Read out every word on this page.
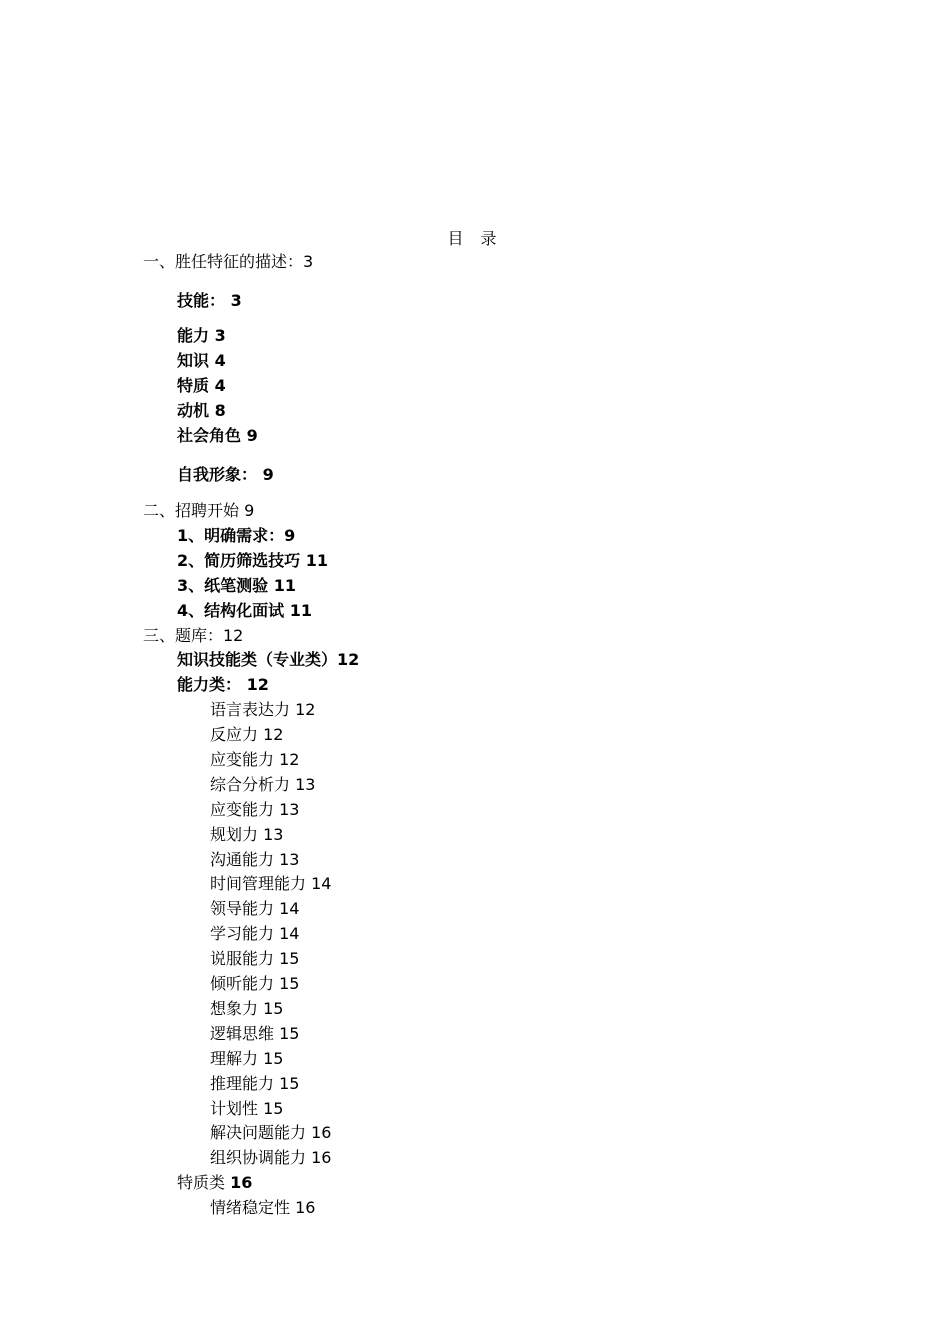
目 录
一、胜任特征的描述：3
技能： 3
能力 3
知识 4
特质 4
动机 8
社会角色 9
自我形象： 9
二、招聘开始 9
1、明确需求：9
2、简历筛选技巧 11
3、纸笔测验 11
4、结构化面试 11
三、题库：12
知识技能类（专业类）12
能力类： 12
语言表达力 12
反应力 12
应变能力 12
综合分析力 13
应变能力 13
规划力 13
沟通能力 13
时间管理能力 14
领导能力 14
学习能力 14
说服能力 15
倾听能力 15
想象力 15
逻辑思维 15
理解力 15
推理能力 15
计划性 15
解决问题能力 16
组织协调能力 16
特质类 16
情绪稳定性 16
